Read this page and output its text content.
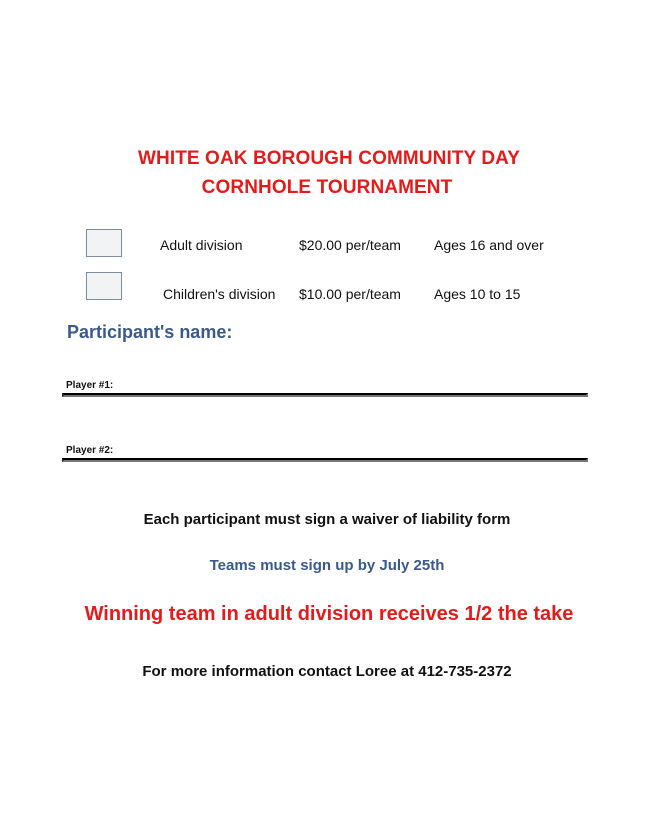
WHITE OAK BOROUGH COMMUNITY DAY
CORNHOLE TOURNAMENT
Adult division	$20.00 per/team Ages 16 and over
Children's division $10.00 per/team Ages 10 to 15
Participant's name:
Player #1:
Player #2:
Each participant must sign a waiver of liability form
Teams must sign up by July 25th
Winning team in adult division receives 1/2 the take
For more information contact Loree at 412-735-2372
